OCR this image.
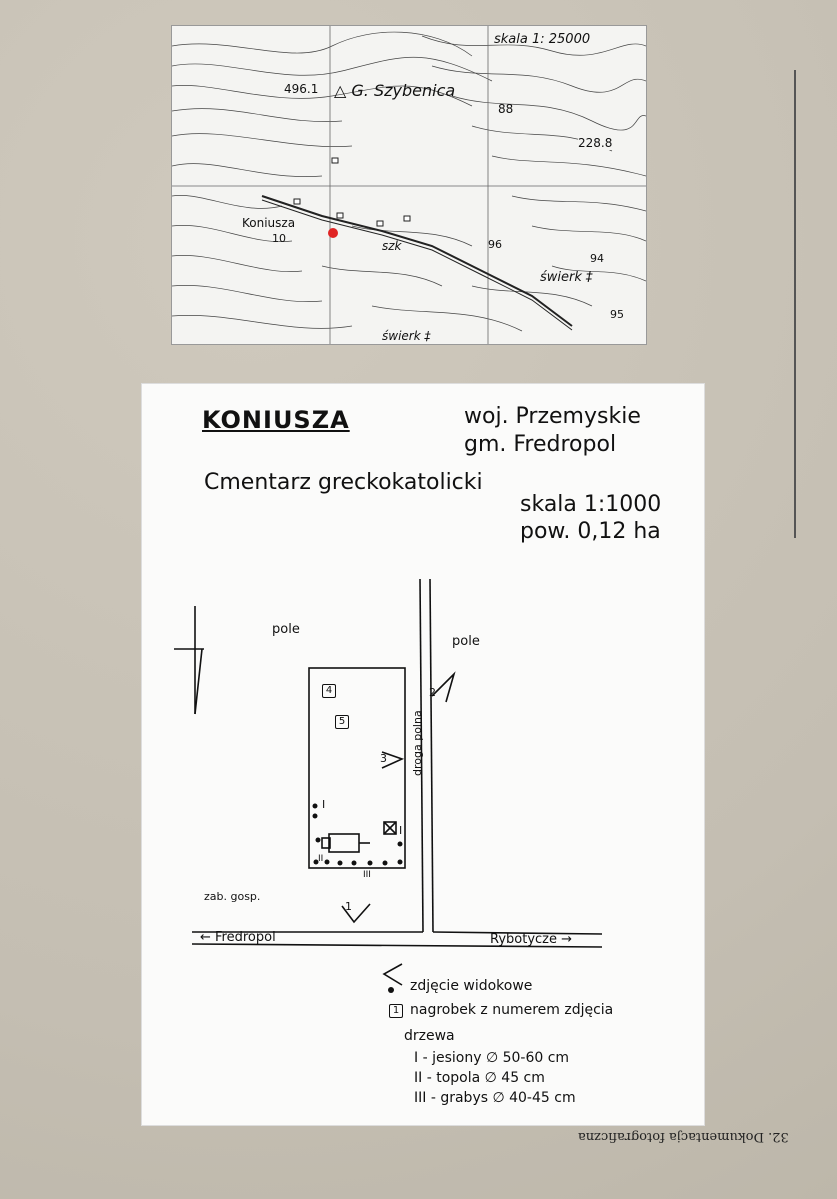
skala 1: 25000
496.1 △ G. Szybenica
88
228.8
Koniusza
10
szk	96
94
świerk ‡
95
świerk ‡
KONIUSZA	woj. Przemyskie
gm. Fredropol
Cmentarz greckokatolicki
skala 1:1000
pow. 0,12 ha
pole
pole
droga polna
zab. gosp.
← Fredropol	Rybotycze →
1
2
3
4
5
I
I
II
III
zdjęcie widokowe
1 nagrobek z numerem zdjęcia
drzewa
I - jesiony ∅ 50-60 cm
II - topola ∅ 45 cm
III - grabys ∅ 40-45 cm
32. Dokumentacja fotograficzna
